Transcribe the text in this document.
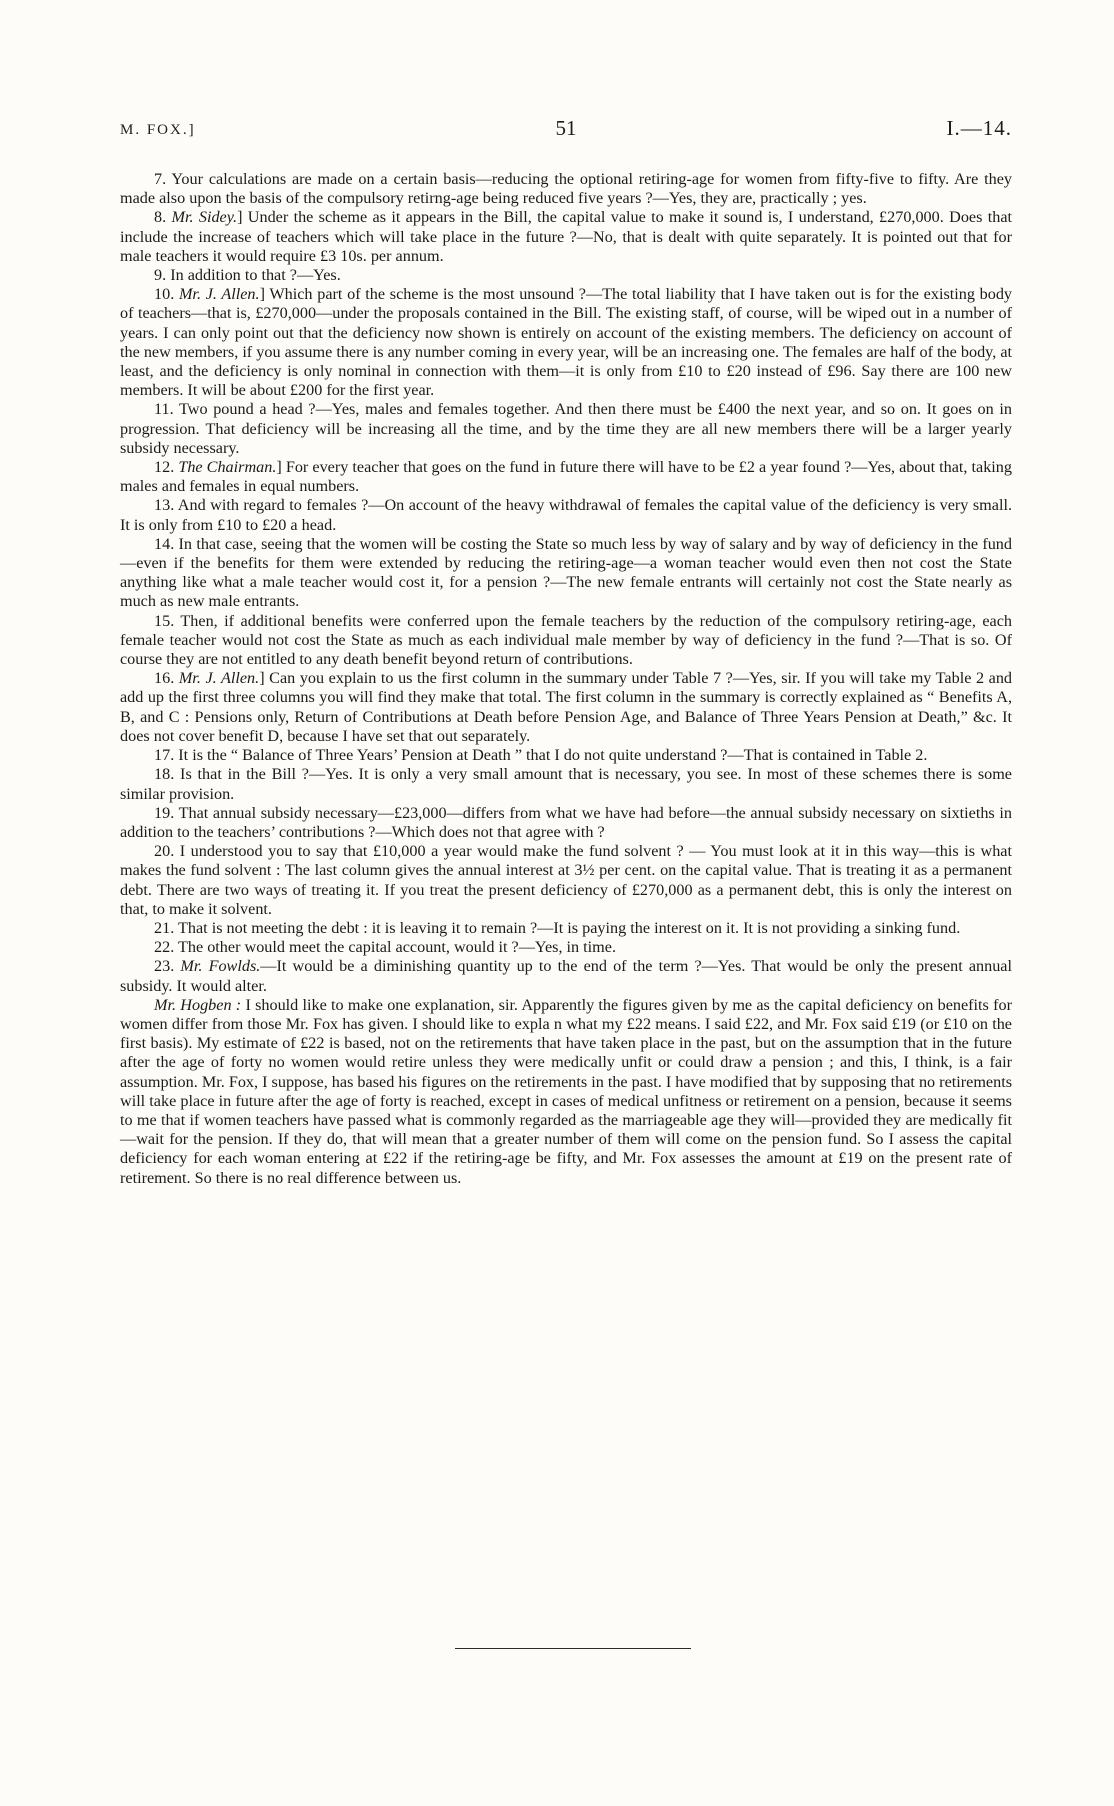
M. FOX.]	51	I.—14.

7. Your calculations are made on a certain basis—reducing the optional retiring-age for women from fifty-five to fifty. Are they made also upon the basis of the compulsory retirng-age being reduced five years ?—Yes, they are, practically ; yes.

8. Mr. Sidey.] Under the scheme as it appears in the Bill, the capital value to make it sound is, I understand, £270,000. Does that include the increase of teachers which will take place in the future ?—No, that is dealt with quite separately. It is pointed out that for male teachers it would require £3 10s. per annum.

9. In addition to that ?—Yes.

10. Mr. J. Allen.] Which part of the scheme is the most unsound ?—The total liability that I have taken out is for the existing body of teachers—that is, £270,000—under the proposals contained in the Bill. The existing staff, of course, will be wiped out in a number of years. I can only point out that the deficiency now shown is entirely on account of the existing members. The deficiency on account of the new members, if you assume there is any number coming in every year, will be an increasing one. The females are half of the body, at least, and the deficiency is only nominal in connection with them—it is only from £10 to £20 instead of £96. Say there are 100 new members. It will be about £200 for the first year.

11. Two pound a head ?—Yes, males and females together. And then there must be £400 the next year, and so on. It goes on in progression. That deficiency will be increasing all the time, and by the time they are all new members there will be a larger yearly subsidy necessary.

12. The Chairman.] For every teacher that goes on the fund in future there will have to be £2 a year found ?—Yes, about that, taking males and females in equal numbers.

13. And with regard to females ?—On account of the heavy withdrawal of females the capital value of the deficiency is very small. It is only from £10 to £20 a head.

14. In that case, seeing that the women will be costing the State so much less by way of salary and by way of deficiency in the fund—even if the benefits for them were extended by reducing the retiring-age—a woman teacher would even then not cost the State anything like what a male teacher would cost it, for a pension ?—The new female entrants will certainly not cost the State nearly as much as new male entrants.

15. Then, if additional benefits were conferred upon the female teachers by the reduction of the compulsory retiring-age, each female teacher would not cost the State as much as each individual male member by way of deficiency in the fund ?—That is so. Of course they are not entitled to any death benefit beyond return of contributions.

16. Mr. J. Allen.] Can you explain to us the first column in the summary under Table 7 ?—Yes, sir. If you will take my Table 2 and add up the first three columns you will find they make that total. The first column in the summary is correctly explained as “ Benefits A, B, and C : Pensions only, Return of Contributions at Death before Pension Age, and Balance of Three Years Pension at Death,” &c. It does not cover benefit D, because I have set that out separately.

17. It is the “ Balance of Three Years’ Pension at Death ” that I do not quite understand ?—That is contained in Table 2.

18. Is that in the Bill ?—Yes. It is only a very small amount that is necessary, you see. In most of these schemes there is some similar provision.

19. That annual subsidy necessary—£23,000—differs from what we have had before—the annual subsidy necessary on sixtieths in addition to the teachers’ contributions ?—Which does not that agree with ?

20. I understood you to say that £10,000 a year would make the fund solvent ? — You must look at it in this way—this is what makes the fund solvent : The last column gives the annual interest at 3½ per cent. on the capital value. That is treating it as a permanent debt. There are two ways of treating it. If you treat the present deficiency of £270,000 as a permanent debt, this is only the interest on that, to make it solvent.

21. That is not meeting the debt : it is leaving it to remain ?—It is paying the interest on it. It is not providing a sinking fund.

22. The other would meet the capital account, would it ?—Yes, in time.

23. Mr. Fowlds.—It would be a diminishing quantity up to the end of the term ?—Yes. That would be only the present annual subsidy. It would alter.

Mr. Hogben : I should like to make one explanation, sir. Apparently the figures given by me as the capital deficiency on benefits for women differ from those Mr. Fox has given. I should like to expla n what my £22 means. I said £22, and Mr. Fox said £19 (or £10 on the first basis). My estimate of £22 is based, not on the retirements that have taken place in the past, but on the assumption that in the future after the age of forty no women would retire unless they were medically unfit or could draw a pension ; and this, I think, is a fair assumption. Mr. Fox, I suppose, has based his figures on the retirements in the past. I have modified that by supposing that no retirements will take place in future after the age of forty is reached, except in cases of medical unfitness or retirement on a pension, because it seems to me that if women teachers have passed what is commonly regarded as the marriageable age they will—provided they are medically fit—wait for the pension. If they do, that will mean that a greater number of them will come on the pension fund. So I assess the capital deficiency for each woman entering at £22 if the retiring-age be fifty, and Mr. Fox assesses the amount at £19 on the present rate of retirement. So there is no real difference between us.
